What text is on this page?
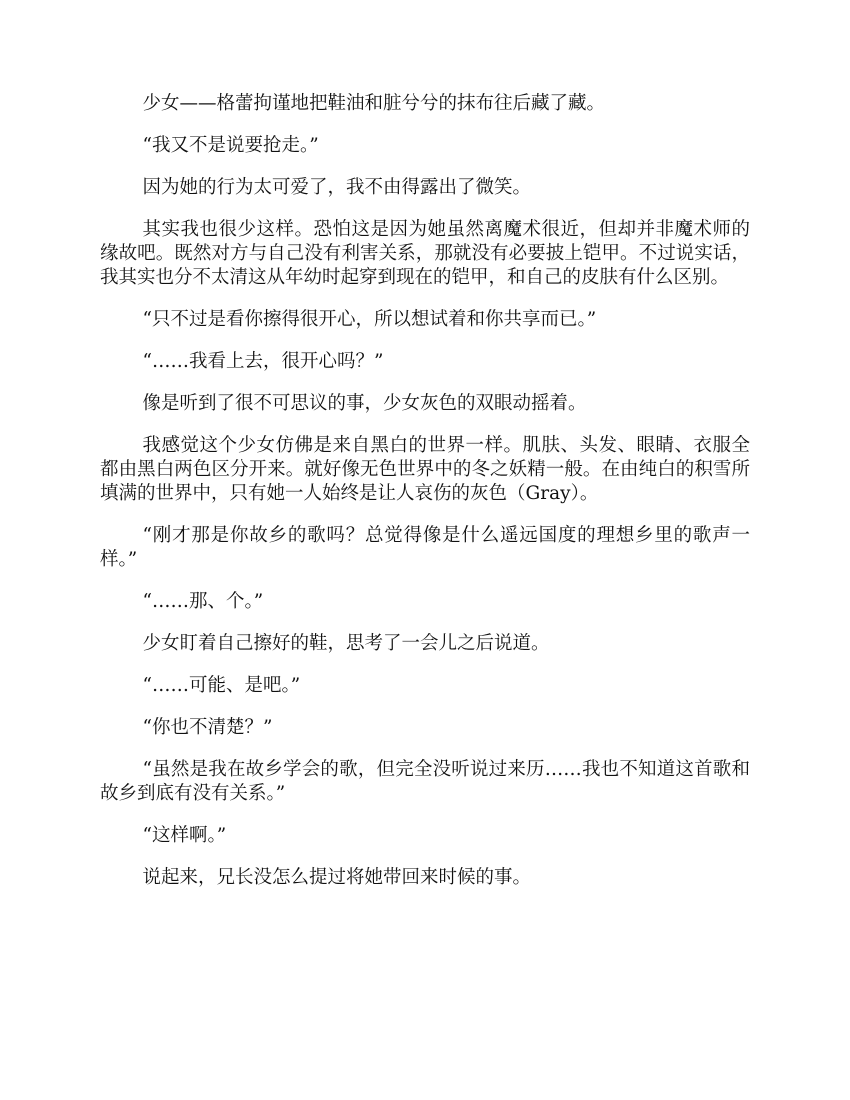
少女——格蕾拘谨地把鞋油和脏兮兮的抹布往后藏了藏。

“我又不是说要抢走。”

因为她的行为太可爱了，我不由得露出了微笑。

其实我也很少这样。恐怕这是因为她虽然离魔术很近，但却并非魔术师的缘故吧。既然对方与自己没有利害关系，那就没有必要披上铠甲。不过说实话，我其实也分不太清这从年幼时起穿到现在的铠甲，和自己的皮肤有什么区别。

“只不过是看你擦得很开心，所以想试着和你共享而已。”

“……我看上去，很开心吗？”

像是听到了很不可思议的事，少女灰色的双眼动摇着。

我感觉这个少女仿佛是来自黑白的世界一样。肌肤、头发、眼睛、衣服全都由黑白两色区分开来。就好像无色世界中的冬之妖精一般。在由纯白的积雪所填满的世界中，只有她一人始终是让人哀伤的灰色（Gray）。

“刚才那是你故乡的歌吗？总觉得像是什么遥远国度的理想乡里的歌声一样。”

“……那、个。”

少女盯着自己擦好的鞋，思考了一会儿之后说道。

“……可能、是吧。”

“你也不清楚？”

“虽然是我在故乡学会的歌，但完全没听说过来历……我也不知道这首歌和故乡到底有没有关系。”

“这样啊。”

说起来，兄长没怎么提过将她带回来时候的事。
